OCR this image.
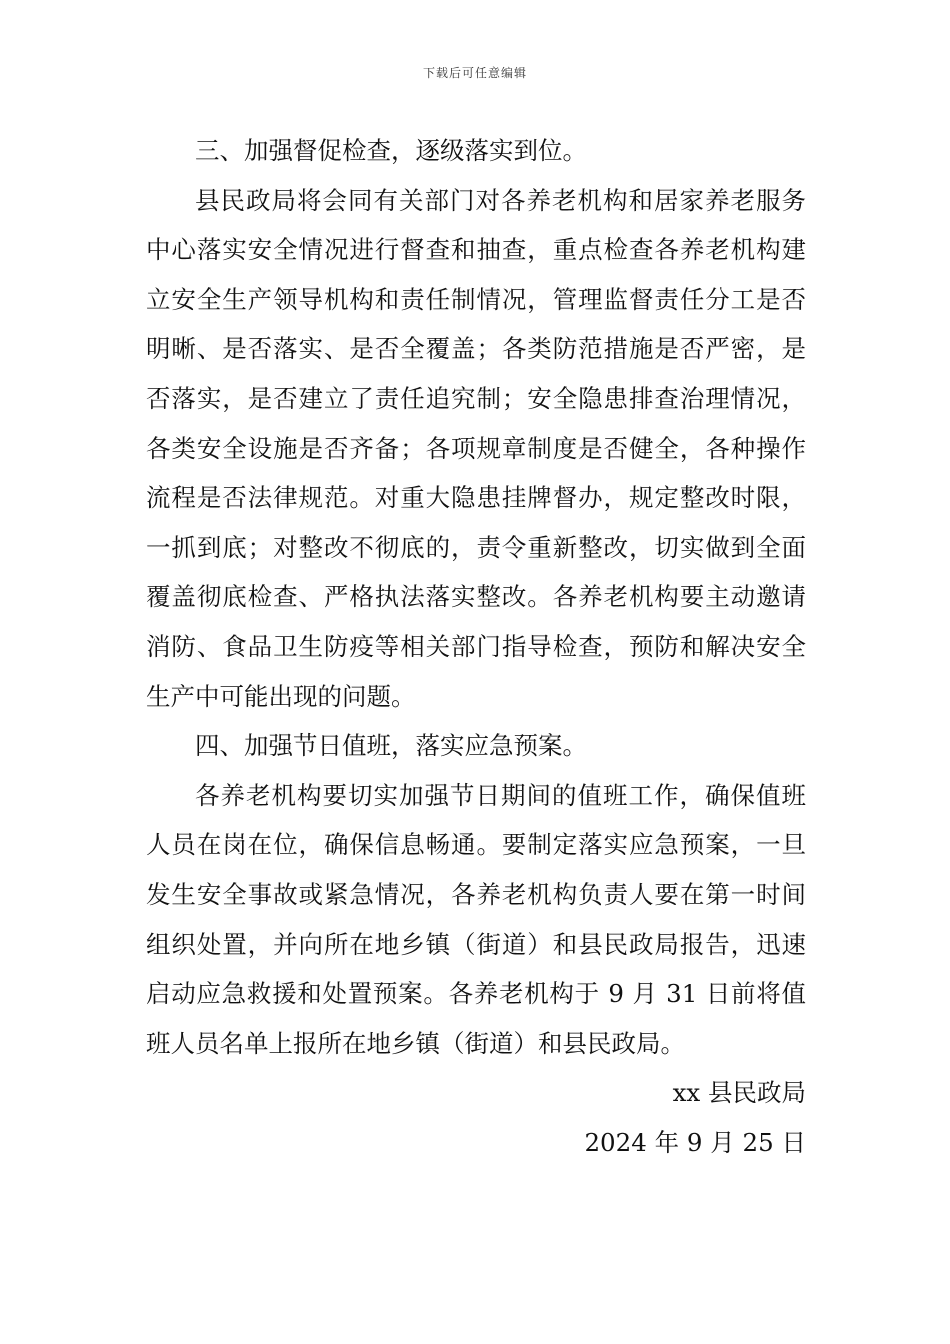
下载后可任意编辑

三、加强督促检查，逐级落实到位。

县民政局将会同有关部门对各养老机构和居家养老服务中心落实安全情况进行督查和抽查，重点检查各养老机构建立安全生产领导机构和责任制情况，管理监督责任分工是否明晰、是否落实、是否全覆盖；各类防范措施是否严密，是否落实，是否建立了责任追究制；安全隐患排查治理情况，各类安全设施是否齐备；各项规章制度是否健全，各种操作流程是否法律规范。对重大隐患挂牌督办，规定整改时限，一抓到底；对整改不彻底的，责令重新整改，切实做到全面覆盖彻底检查、严格执法落实整改。各养老机构要主动邀请消防、食品卫生防疫等相关部门指导检查，预防和解决安全生产中可能出现的问题。

四、加强节日值班，落实应急预案。

各养老机构要切实加强节日期间的值班工作，确保值班人员在岗在位，确保信息畅通。要制定落实应急预案，一旦发生安全事故或紧急情况，各养老机构负责人要在第一时间组织处置，并向所在地乡镇（街道）和县民政局报告，迅速启动应急救援和处置预案。各养老机构于 9 月 31 日前将值班人员名单上报所在地乡镇（街道）和县民政局。

xx 县民政局

2024 年 9 月 25 日
